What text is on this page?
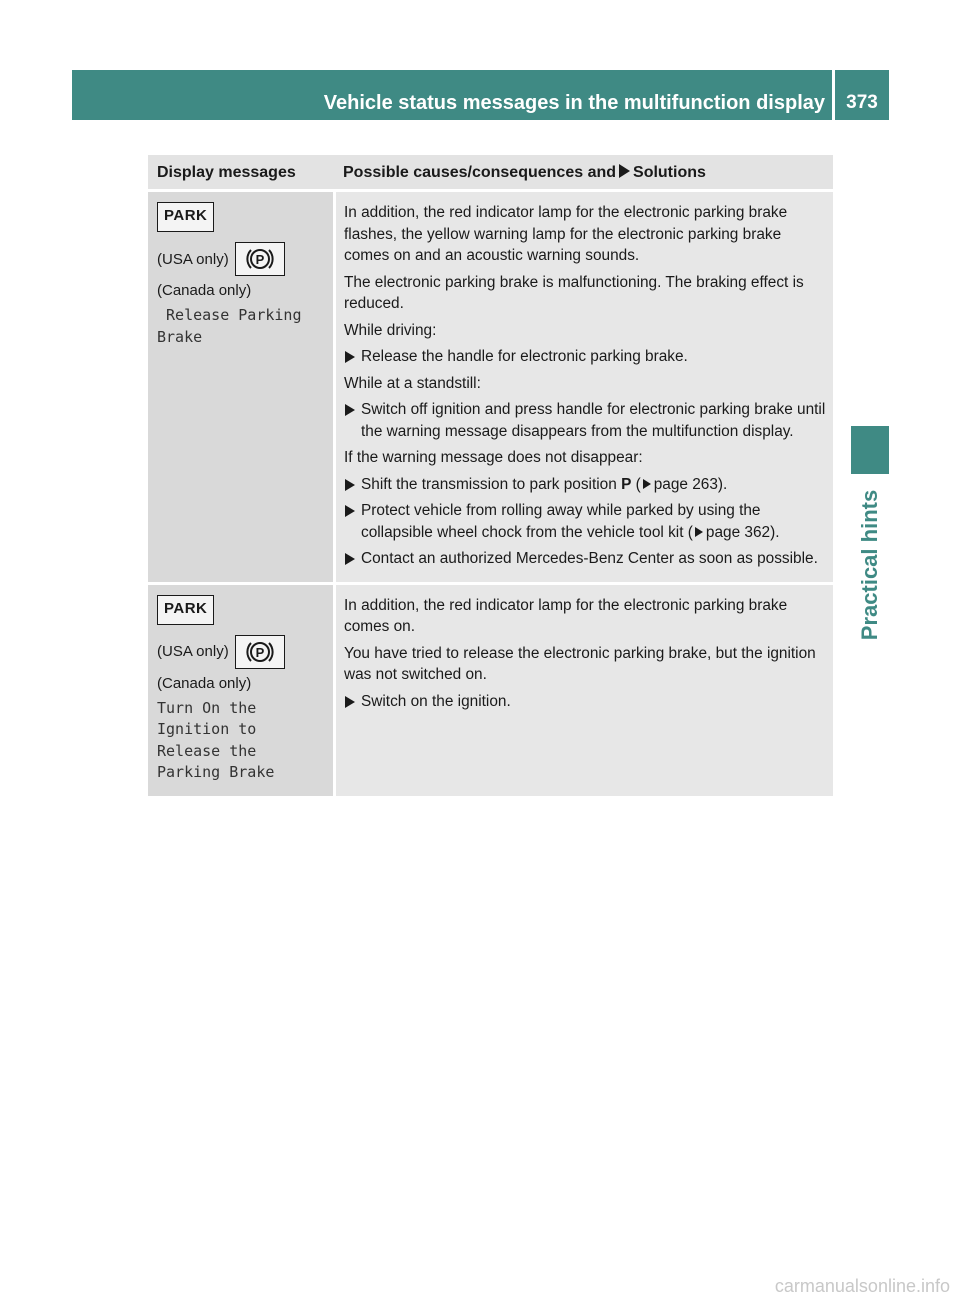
Vehicle status messages in the multifunction display	373
Practical hints
Display messages	Possible causes/consequences and Solutions
PARK
(USA only) P
(Canada only)
Release Parking
Brake
In addition, the red indicator lamp for the electronic parking brake flashes, the yellow warning lamp for the electronic parking brake comes on and an acoustic warning sounds.
The electronic parking brake is malfunctioning. The braking effect is reduced.
While driving:
Release the handle for electronic parking brake.
While at a standstill:
Switch off ignition and press handle for electronic parking brake until the warning message disappears from the multifunction display.
If the warning message does not disappear:
Shift the transmission to park position P ( page 263).
Protect vehicle from rolling away while parked by using the collapsible wheel chock from the vehicle tool kit ( page 362).
Contact an authorized Mercedes-Benz Center as soon as possible.
PARK
(USA only) P
(Canada only)
Turn On the
Ignition to
Release the
Parking Brake
In addition, the red indicator lamp for the electronic parking brake comes on.
You have tried to release the electronic parking brake, but the ignition was not switched on.
Switch on the ignition.
carmanualsonline.info
